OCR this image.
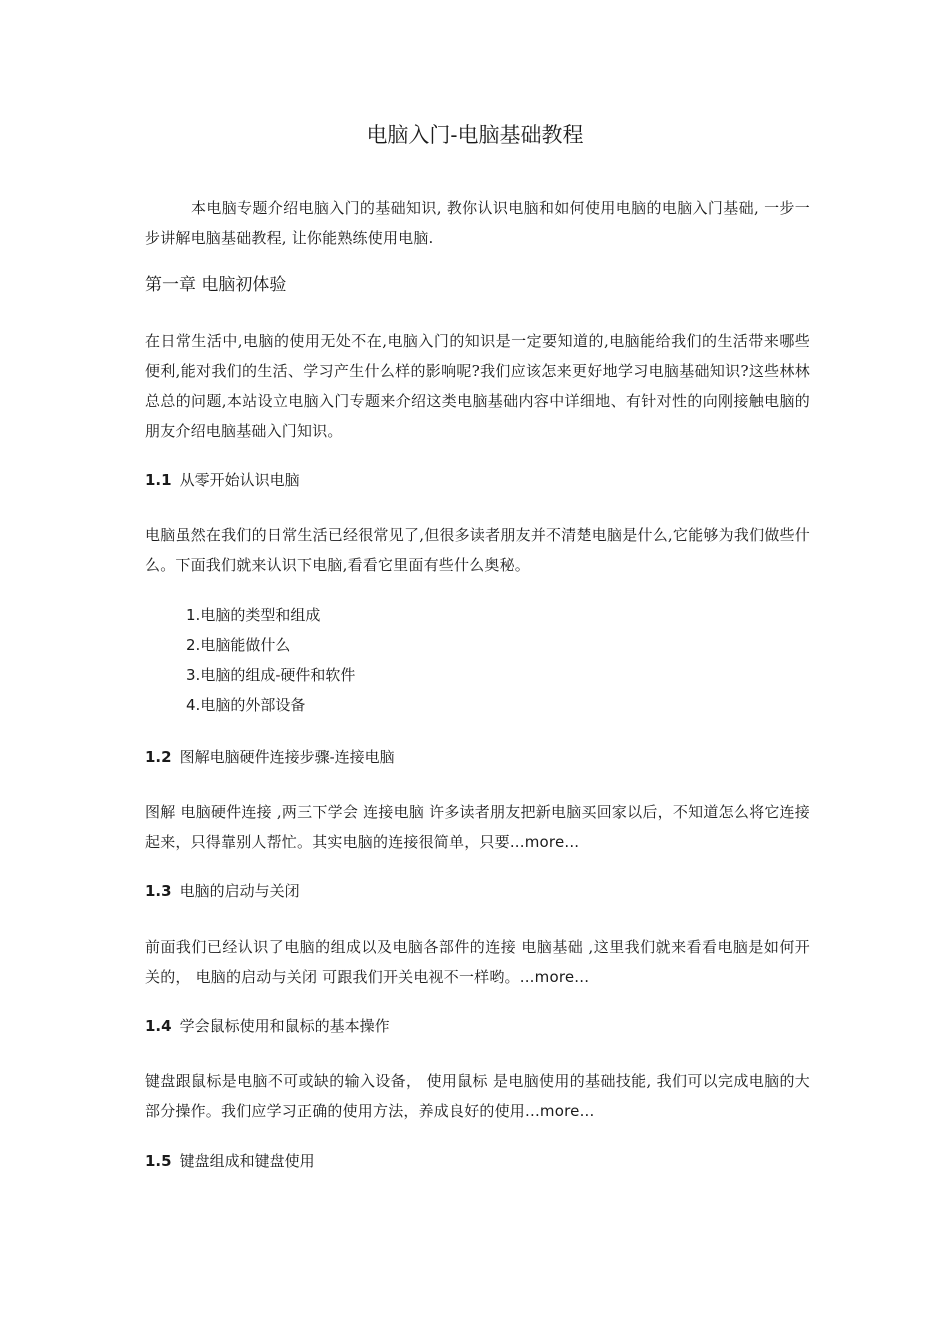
电脑入门-电脑基础教程

本电脑专题介绍电脑入门的基础知识, 教你认识电脑和如何使用电脑的电脑入门基础, 一步一步讲解电脑基础教程, 让你能熟练使用电脑.

第一章 电脑初体验

在日常生活中,电脑的使用无处不在,电脑入门的知识是一定要知道的,电脑能给我们的生活带来哪些便利,能对我们的生活、学习产生什么样的影响呢?我们应该怎来更好地学习电脑基础知识?这些林林总总的问题,本站设立电脑入门专题来介绍这类电脑基础内容中详细地、有针对性的向刚接触电脑的朋友介绍电脑基础入门知识。

1.1 从零开始认识电脑

电脑虽然在我们的日常生活已经很常见了,但很多读者朋友并不清楚电脑是什么,它能够为我们做些什么。下面我们就来认识下电脑,看看它里面有些什么奥秘。

1.电脑的类型和组成
2.电脑能做什么
3.电脑的组成-硬件和软件
4.电脑的外部设备
1.2 图解电脑硬件连接步骤-连接电脑

图解 电脑硬件连接 ,两三下学会 连接电脑 许多读者朋友把新电脑买回家以后，不知道怎么将它连接起来，只得靠别人帮忙。其实电脑的连接很简单，只要...more...

1.3 电脑的启动与关闭

前面我们已经认识了电脑的组成以及电脑各部件的连接 电脑基础 ,这里我们就来看看电脑是如何开关的， 电脑的启动与关闭 可跟我们开关电视不一样哟。...more...

1.4 学会鼠标使用和鼠标的基本操作

键盘跟鼠标是电脑不可或缺的输入设备， 使用鼠标 是电脑使用的基础技能, 我们可以完成电脑的大部分操作。我们应学习正确的使用方法，养成良好的使用...more...

1.5 键盘组成和键盘使用
